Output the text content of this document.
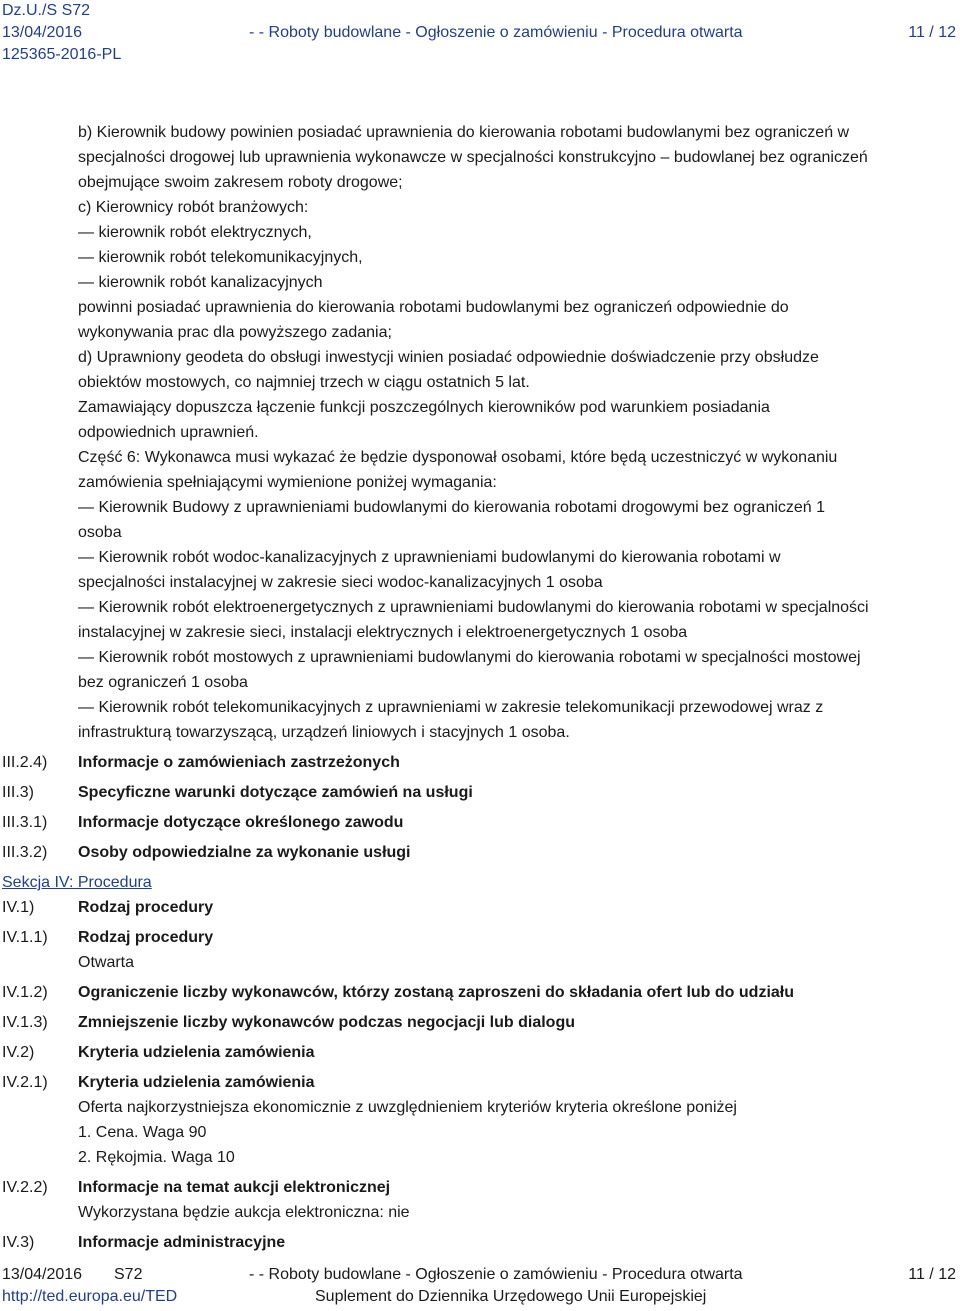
Dz.U./S S72
13/04/2016	- - Roboty budowlane - Ogłoszenie o zamówieniu - Procedura otwarta	11 / 12
125365-2016-PL
b) Kierownik budowy powinien posiadać uprawnienia do kierowania robotami budowlanymi bez ograniczeń w
specjalności drogowej lub uprawnienia wykonawcze w specjalności konstrukcyjno – budowlanej bez ograniczeń
obejmujące swoim zakresem roboty drogowe;
c) Kierownicy robót branżowych:
— kierownik robót elektrycznych,
— kierownik robót telekomunikacyjnych,
— kierownik robót kanalizacyjnych
powinni posiadać uprawnienia do kierowania robotami budowlanymi bez ograniczeń odpowiednie do
wykonywania prac dla powyższego zadania;
d) Uprawniony geodeta do obsługi inwestycji winien posiadać odpowiednie doświadczenie przy obsłudze
obiektów mostowych, co najmniej trzech w ciągu ostatnich 5 lat.
Zamawiający dopuszcza łączenie funkcji poszczególnych kierowników pod warunkiem posiadania
odpowiednich uprawnień.
Część 6: Wykonawca musi wykazać że będzie dysponował osobami, które będą uczestniczyć w wykonaniu
zamówienia spełniającymi wymienione poniżej wymagania:
— Kierownik Budowy z uprawnieniami budowlanymi do kierowania robotami drogowymi bez ograniczeń 1
osoba
— Kierownik robót wodoc-kanalizacyjnych z uprawnieniami budowlanymi do kierowania robotami w
specjalności instalacyjnej w zakresie sieci wodoc-kanalizacyjnych 1 osoba
— Kierownik robót elektroenergetycznych z uprawnieniami budowlanymi do kierowania robotami w specjalności
instalacyjnej w zakresie sieci, instalacji elektrycznych i elektroenergetycznych 1 osoba
— Kierownik robót mostowych z uprawnieniami budowlanymi do kierowania robotami w specjalności mostowej
bez ograniczeń 1 osoba
— Kierownik robót telekomunikacyjnych z uprawnieniami w zakresie telekomunikacji przewodowej wraz z
infrastrukturą towarzyszącą, urządzeń liniowych i stacyjnych 1 osoba.
III.2.4) Informacje o zamówieniach zastrzeżonych
III.3)	Specyficzne warunki dotyczące zamówień na usługi
III.3.1) Informacje dotyczące określonego zawodu
III.3.2) Osoby odpowiedzialne za wykonanie usługi
Sekcja IV: Procedura
IV.1)	Rodzaj procedury
IV.1.1) Rodzaj procedury
Otwarta
IV.1.2) Ograniczenie liczby wykonawców, którzy zostaną zaproszeni do składania ofert lub do udziału
IV.1.3) Zmniejszenie liczby wykonawców podczas negocjacji lub dialogu
IV.2)	Kryteria udzielenia zamówienia
IV.2.1) Kryteria udzielenia zamówienia
Oferta najkorzystniejsza ekonomicznie z uwzględnieniem kryteriów kryteria określone poniżej
1. Cena. Waga 90
2. Rękojmia. Waga 10
IV.2.2) Informacje na temat aukcji elektronicznej
Wykorzystana będzie aukcja elektroniczna: nie
IV.3)	Informacje administracyjne
13/04/2016 S72	- - Roboty budowlane - Ogłoszenie o zamówieniu - Procedura otwarta	11 / 12
http://ted.europa.eu/TED	Suplement do Dziennika Urzędowego Unii Europejskiej
